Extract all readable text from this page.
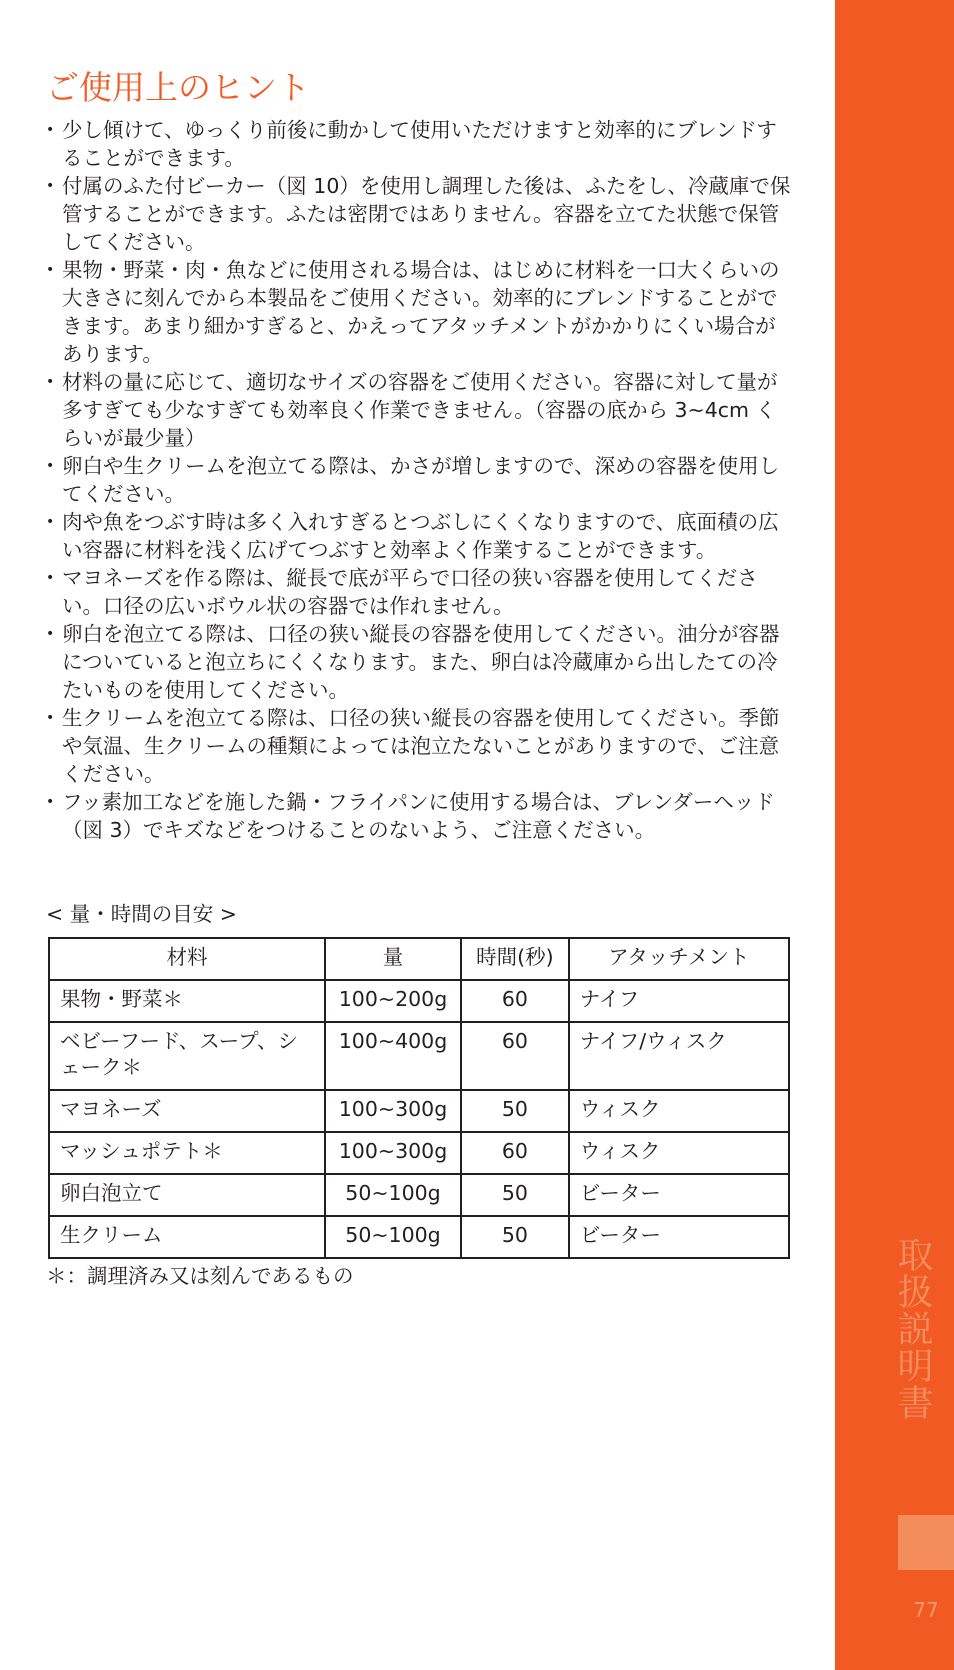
取扱説明書
77
ご使用上のヒント
• 少し傾けて、ゆっくり前後に動かして使用いただけますと効率的にブレンドすることができます。
• 付属のふた付ビーカー（図 10）を使用し調理した後は、ふたをし、冷蔵庫で保管することができます。ふたは密閉ではありません。容器を立てた状態で保管してください。
• 果物・野菜・肉・魚などに使用される場合は、はじめに材料を一口大くらいの大きさに刻んでから本製品をご使用ください。効率的にブレンドすることができます。あまり細かすぎると、かえってアタッチメントがかかりにくい場合があります。
• 材料の量に応じて、適切なサイズの容器をご使用ください。容器に対して量が多すぎても少なすぎても効率良く作業できません。（容器の底から 3~4cm くらいが最少量）
• 卵白や生クリームを泡立てる際は、かさが増しますので、深めの容器を使用してください。
• 肉や魚をつぶす時は多く入れすぎるとつぶしにくくなりますので、底面積の広い容器に材料を浅く広げてつぶすと効率よく作業することができます。
• マヨネーズを作る際は、縦長で底が平らで口径の狭い容器を使用してください。口径の広いボウル状の容器では作れません。
• 卵白を泡立てる際は、口径の狭い縦長の容器を使用してください。油分が容器についていると泡立ちにくくなります。また、卵白は冷蔵庫から出したての冷たいものを使用してください。
• 生クリームを泡立てる際は、口径の狭い縦長の容器を使用してください。季節や気温、生クリームの種類によっては泡立たないことがありますので、ご注意ください。
• フッ素加工などを施した鍋・フライパンに使用する場合は、ブレンダーヘッド（図 3）でキズなどをつけることのないよう、ご注意ください。
< 量・時間の目安 >
材料	量	時間(秒)	アタッチメント
果物・野菜＊	100~200g	60	ナイフ
ベビーフード、スープ、シェーク＊	100~400g	60	ナイフ/ウィスク
マヨネーズ	100~300g	50	ウィスク
マッシュポテト＊	100~300g	60	ウィスク
卵白泡立て	50~100g	50	ビーター
生クリーム	50~100g	50	ビーター
＊：調理済み又は刻んであるもの
